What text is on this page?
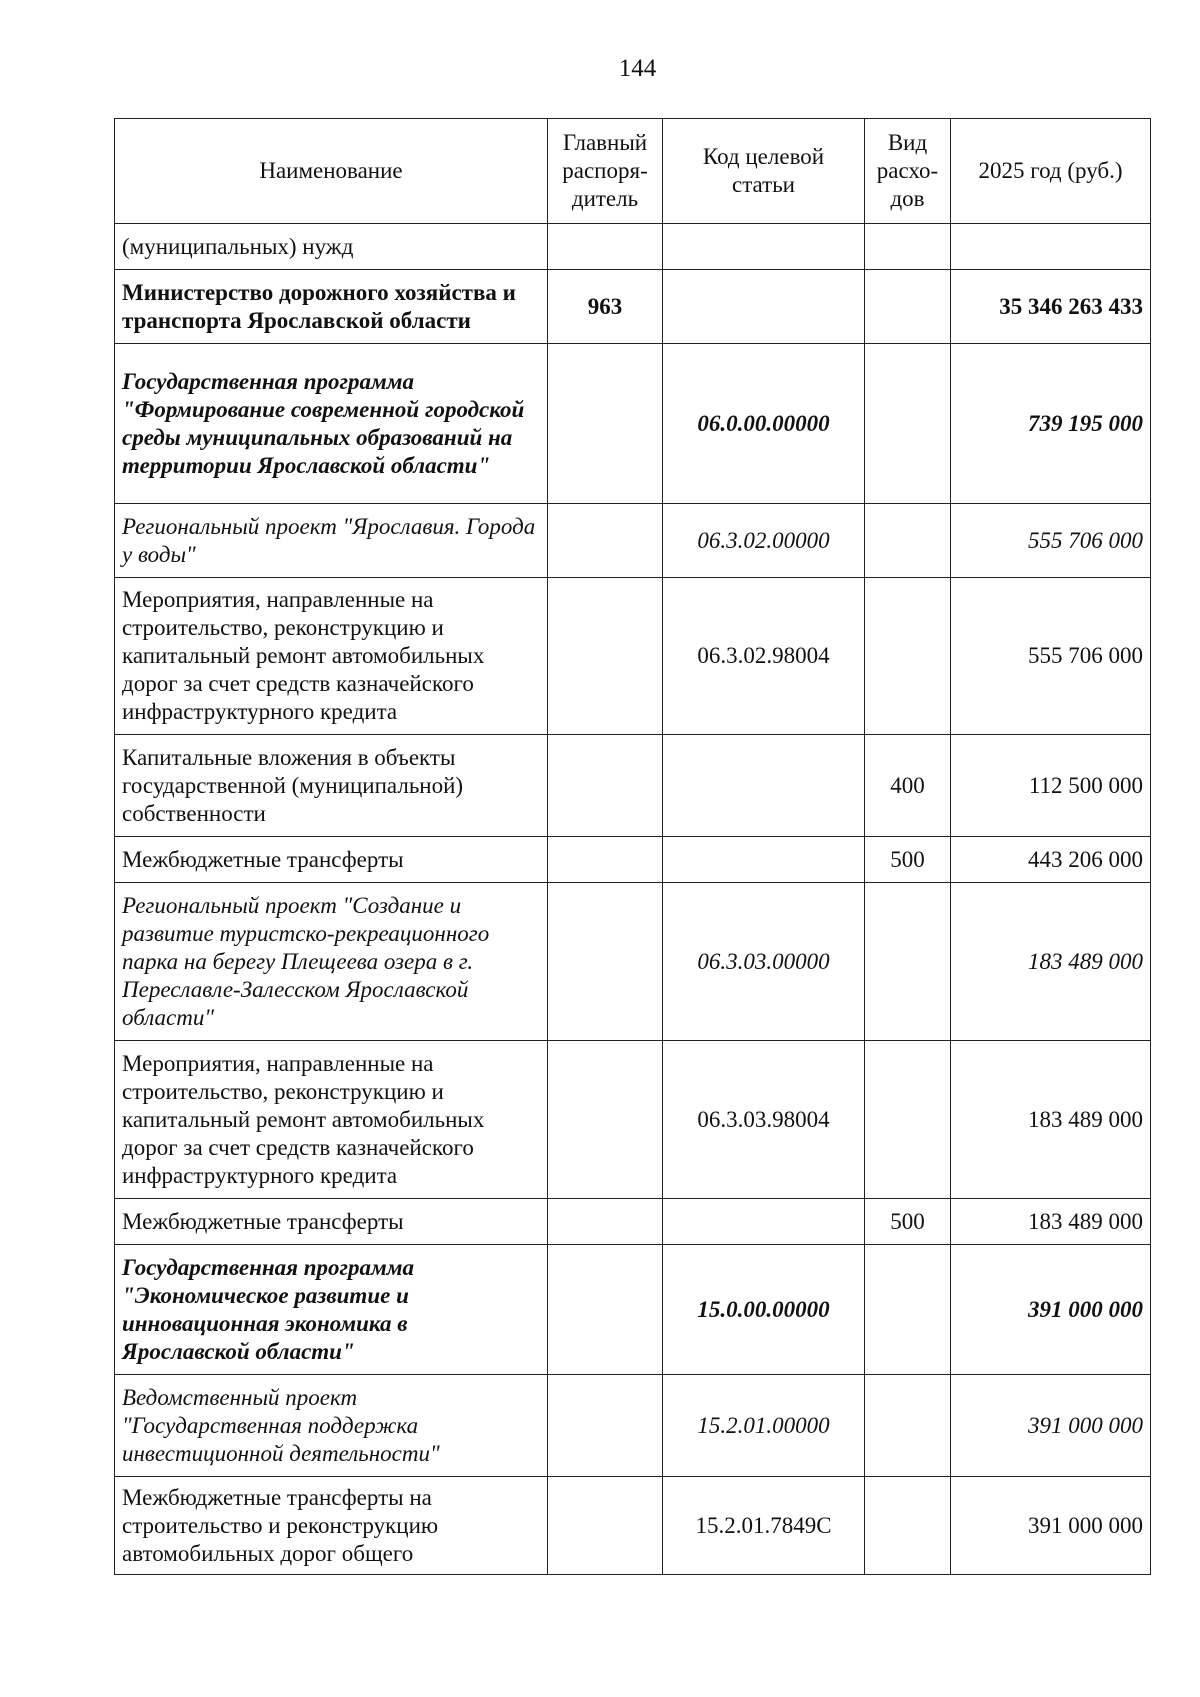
144
Наименование	Главный распоря-дитель	Код целевой статьи	Вид расхо-дов	2025 год (руб.)
(муниципальных) нужд				
Министерство дорожного хозяйства и транспорта Ярославской области	963			35 346 263 433
Государственная программа "Формирование современной городской среды муниципальных образований на территории Ярославской области"		06.0.00.00000		739 195 000
Региональный проект "Ярославия. Города у воды"		06.3.02.00000		555 706 000
Мероприятия, направленные на строительство, реконструкцию и капитальный ремонт автомобильных дорог за счет средств казначейского инфраструктурного кредита		06.3.02.98004		555 706 000
Капитальные вложения в объекты государственной (муниципальной) собственности			400	112 500 000
Межбюджетные трансферты			500	443 206 000
Региональный проект "Создание и развитие туристско-рекреационного парка на берегу Плещеева озера в г. Переславле-Залесском Ярославской области"		06.3.03.00000		183 489 000
Мероприятия, направленные на строительство, реконструкцию и капитальный ремонт автомобильных дорог за счет средств казначейского инфраструктурного кредита		06.3.03.98004		183 489 000
Межбюджетные трансферты			500	183 489 000
Государственная программа "Экономическое развитие и инновационная экономика в Ярославской области"		15.0.00.00000		391 000 000
Ведомственный проект "Государственная поддержка инвестиционной деятельности"		15.2.01.00000		391 000 000
Межбюджетные трансферты на строительство и реконструкцию автомобильных дорог общего		15.2.01.7849С		391 000 000
